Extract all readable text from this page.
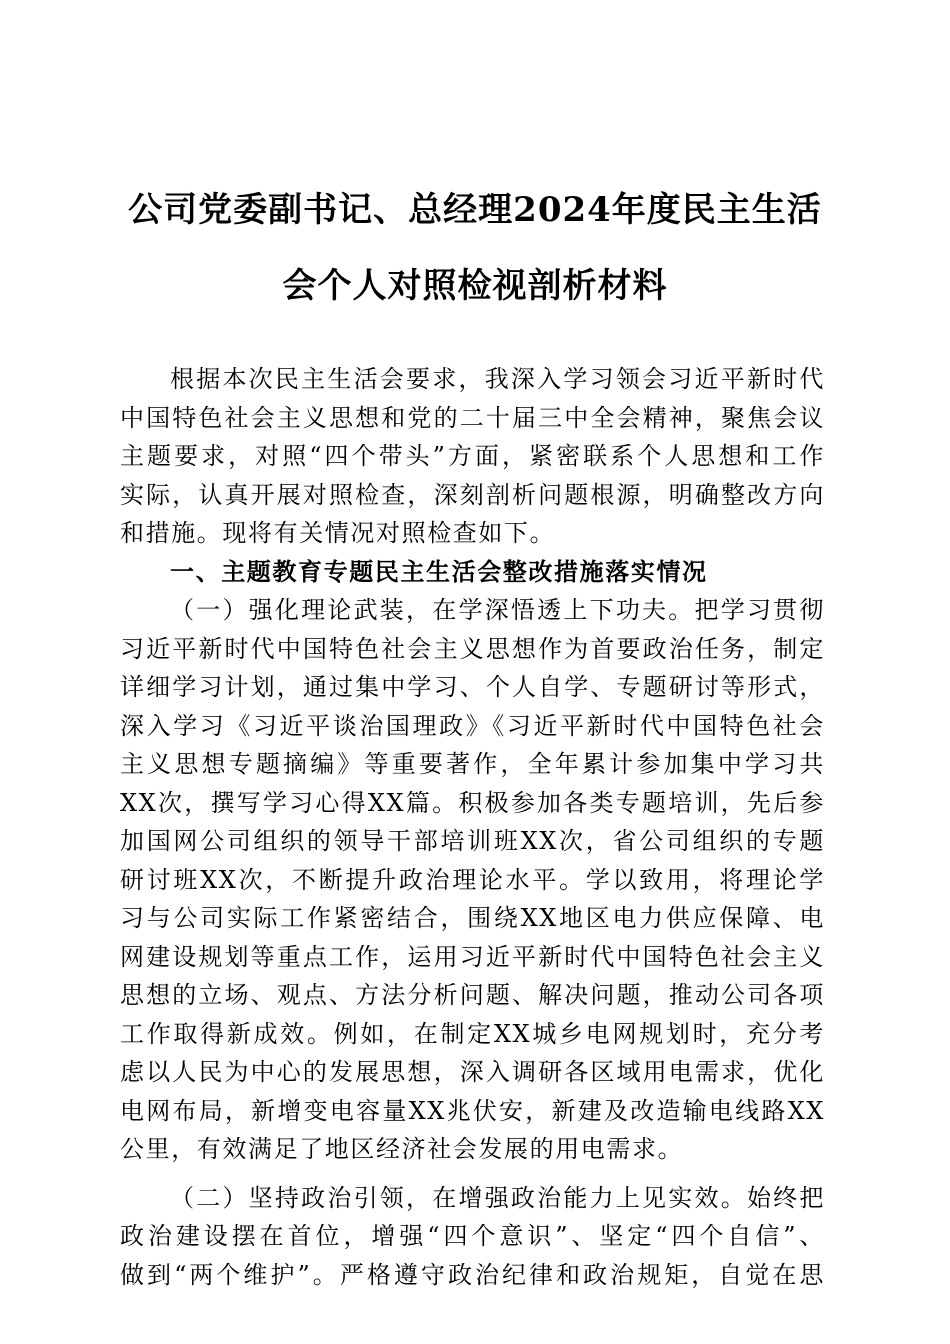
公司党委副书记、总经理2024年度民主生活
会个人对照检视剖析材料
根据本次民主生活会要求，我深入学习领会习近平新时代
中国特色社会主义思想和党的二十届三中全会精神，聚焦会议
主题要求，对照“四个带头”方面，紧密联系个人思想和工作
实际，认真开展对照检查，深刻剖析问题根源，明确整改方向
和措施。现将有关情况对照检查如下。
一、主题教育专题民主生活会整改措施落实情况
（一）强化理论武装，在学深悟透上下功夫。把学习贯彻
习近平新时代中国特色社会主义思想作为首要政治任务，制定
详细学习计划，通过集中学习、个人自学、专题研讨等形式，
深入学习《习近平谈治国理政》《习近平新时代中国特色社会
主义思想专题摘编》等重要著作，全年累计参加集中学习共
XX次，撰写学习心得XX篇。积极参加各类专题培训，先后参
加国网公司组织的领导干部培训班XX次，省公司组织的专题
研讨班XX次，不断提升政治理论水平。学以致用，将理论学
习与公司实际工作紧密结合，围绕XX地区电力供应保障、电
网建设规划等重点工作，运用习近平新时代中国特色社会主义
思想的立场、观点、方法分析问题、解决问题，推动公司各项
工作取得新成效。例如，在制定XX城乡电网规划时，充分考
虑以人民为中心的发展思想，深入调研各区域用电需求，优化
电网布局，新增变电容量XX兆伏安，新建及改造输电线路XX
公里，有效满足了地区经济社会发展的用电需求。
（二）坚持政治引领，在增强政治能力上见实效。始终把
政治建设摆在首位，增强“四个意识”、坚定“四个自信”、
做到“两个维护”。严格遵守政治纪律和政治规矩，自觉在思
